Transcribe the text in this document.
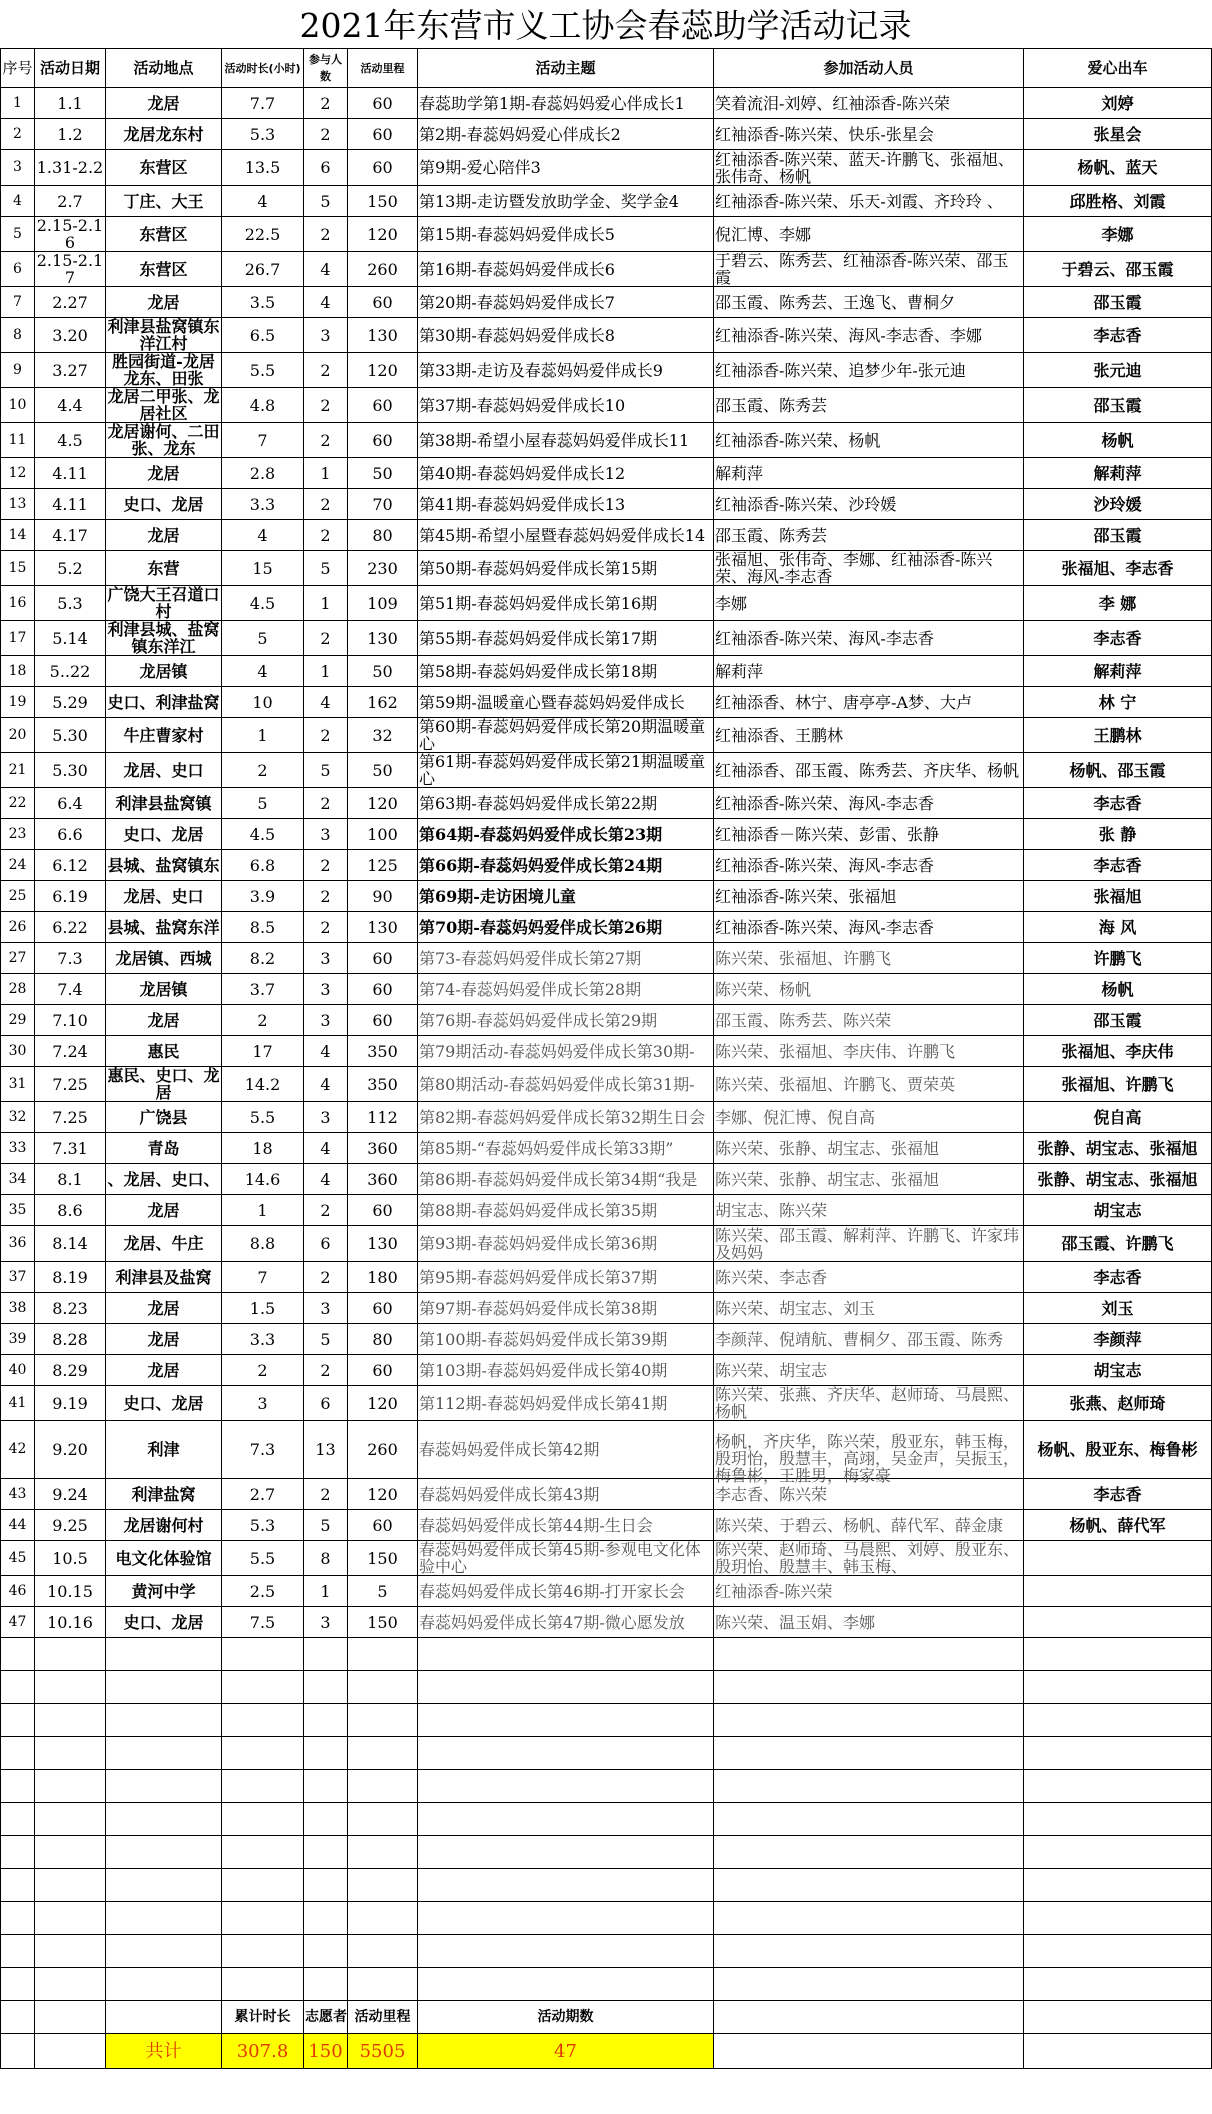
2021年东营市义工协会春蕊助学活动记录
序号	活动日期	活动地点	活动时长(小时)	参与人数	活动里程	活动主题	参加活动人员	爱心出车
1	1.1	龙居	7.7	2	60	春蕊助学第1期-春蕊妈妈爱心伴成长1	笑着流泪-刘婷、红袖添香-陈兴荣	刘婷
2	1.2	龙居龙东村	5.3	2	60	第2期-春蕊妈妈爱心伴成长2	红袖添香-陈兴荣、快乐-张星会	张星会
3	1.31-2.2	东营区	13.5	6	60	第9期-爱心陪伴3	红袖添香-陈兴荣、蓝天-许鹏飞、张福旭、张伟奇、杨帆	杨帆、蓝天
4	2.7	丁庄、大王	4	5	150	第13期-走访暨发放助学金、奖学金4	红袖添香-陈兴荣、乐天-刘霞、齐玲玲 、	邱胜格、刘霞
5	2.15-2.16	东营区	22.5	2	120	第15期-春蕊妈妈爱伴成长5	倪汇博、李娜	李娜
6	2.15-2.17	东营区	26.7	4	260	第16期-春蕊妈妈爱伴成长6	于碧云、陈秀芸、红袖添香-陈兴荣、邵玉霞	于碧云、邵玉霞
7	2.27	龙居	3.5	4	60	第20期-春蕊妈妈爱伴成长7	邵玉霞、陈秀芸、王逸飞、曹桐夕	邵玉霞
8	3.20	利津县盐窝镇东洋江村	6.5	3	130	第30期-春蕊妈妈爱伴成长8	红袖添香-陈兴荣、海风-李志香、李娜	李志香
9	3.27	胜园街道-龙居龙东、田张	5.5	2	120	第33期-走访及春蕊妈妈爱伴成长9	红袖添香-陈兴荣、追梦少年-张元迪	张元迪
10	4.4	龙居二甲张、龙居社区	4.8	2	60	第37期-春蕊妈妈爱伴成长10	邵玉霞、陈秀芸	邵玉霞
11	4.5	龙居谢何、二田张、龙东	7	2	60	第38期-希望小屋春蕊妈妈爱伴成长11	红袖添香-陈兴荣、杨帆	杨帆
12	4.11	龙居	2.8	1	50	第40期-春蕊妈妈爱伴成长12	解莉萍	解莉萍
13	4.11	史口、龙居	3.3	2	70	第41期-春蕊妈妈爱伴成长13	红袖添香-陈兴荣、沙玲媛	沙玲媛
14	4.17	龙居	4	2	80	第45期-希望小屋暨春蕊妈妈爱伴成长14	邵玉霞、陈秀芸	邵玉霞
15	5.2	东营	15	5	230	第50期-春蕊妈妈爱伴成长第15期	张福旭、张伟奇、李娜、红袖添香-陈兴荣、海风-李志香	张福旭、李志香
16	5.3	广饶大王召道口村	4.5	1	109	第51期-春蕊妈妈爱伴成长第16期	李娜	李 娜
17	5.14	利津县城、盐窝镇东洋江	5	2	130	第55期-春蕊妈妈爱伴成长第17期	红袖添香-陈兴荣、海风-李志香	李志香
18	5..22	龙居镇	4	1	50	第58期-春蕊妈妈爱伴成长第18期	解莉萍	解莉萍
19	5.29	史口、利津盐窝	10	4	162	第59期-温暖童心暨春蕊妈妈爱伴成长	红袖添香、林宁、唐亭亭-A梦、大卢	林 宁
20	5.30	牛庄曹家村	1	2	32	第60期-春蕊妈妈爱伴成长第20期温暖童心	红袖添香、王鹏林	王鹏林
21	5.30	龙居、史口	2	5	50	第61期-春蕊妈妈爱伴成长第21期温暖童心	红袖添香、邵玉霞、陈秀芸、齐庆华、杨帆	杨帆、邵玉霞
22	6.4	利津县盐窝镇	5	2	120	第63期-春蕊妈妈爱伴成长第22期	红袖添香-陈兴荣、海风-李志香	李志香
23	6.6	史口、龙居	4.5	3	100	第64期-春蕊妈妈爱伴成长第23期	红袖添香－陈兴荣、彭雷、张静	张 静
24	6.12	县城、盐窝镇东	6.8	2	125	第66期-春蕊妈妈爱伴成长第24期	红袖添香-陈兴荣、海风-李志香	李志香
25	6.19	龙居、史口	3.9	2	90	第69期-走访困境儿童	红袖添香-陈兴荣、张福旭	张福旭
26	6.22	县城、盐窝东洋	8.5	2	130	第70期-春蕊妈妈爱伴成长第26期	红袖添香-陈兴荣、海风-李志香	海 风
27	7.3	龙居镇、西城	8.2	3	60	第73-春蕊妈妈爱伴成长第27期	陈兴荣、张福旭、许鹏飞	许鹏飞
28	7.4	龙居镇	3.7	3	60	第74-春蕊妈妈爱伴成长第28期	陈兴荣、杨帆	杨帆
29	7.10	龙居	2	3	60	第76期-春蕊妈妈爱伴成长第29期	邵玉霞、陈秀芸、陈兴荣	邵玉霞
30	7.24	惠民	17	4	350	第79期活动-春蕊妈妈爱伴成长第30期-	陈兴荣、张福旭、李庆伟、许鹏飞	张福旭、李庆伟
31	7.25	惠民、史口、龙居	14.2	4	350	第80期活动-春蕊妈妈爱伴成长第31期-	陈兴荣、张福旭、许鹏飞、贾荣英	张福旭、许鹏飞
32	7.25	广饶县	5.5	3	112	第82期-春蕊妈妈爱伴成长第32期生日会	李娜、倪汇博、倪自高	倪自高
33	7.31	青岛	18	4	360	第85期-“春蕊妈妈爱伴成长第33期”	陈兴荣、张静、胡宝志、张福旭	张静、胡宝志、张福旭
34	8.1	、龙居、史口、	14.6	4	360	第86期-春蕊妈妈爱伴成长第34期“我是	陈兴荣、张静、胡宝志、张福旭	张静、胡宝志、张福旭
35	8.6	龙居	1	2	60	第88期-春蕊妈妈爱伴成长第35期	胡宝志、陈兴荣	胡宝志
36	8.14	龙居、牛庄	8.8	6	130	第93期-春蕊妈妈爱伴成长第36期	陈兴荣、邵玉霞、解莉萍、许鹏飞、许家玮及妈妈	邵玉霞、许鹏飞
37	8.19	利津县及盐窝	7	2	180	第95期-春蕊妈妈爱伴成长第37期	陈兴荣、李志香	李志香
38	8.23	龙居	1.5	3	60	第97期-春蕊妈妈爱伴成长第38期	陈兴荣、胡宝志、刘玉	刘玉
39	8.28	龙居	3.3	5	80	第100期-春蕊妈妈爱伴成长第39期	李颜萍、倪靖航、曹桐夕、邵玉霞、陈秀	李颜萍
40	8.29	龙居	2	2	60	第103期-春蕊妈妈爱伴成长第40期	陈兴荣、胡宝志	胡宝志
41	9.19	史口、龙居	3	6	120	第112期-春蕊妈妈爱伴成长第41期	陈兴荣、张燕、齐庆华、赵师琦、马晨熙、杨帆	张燕、赵师琦
42	9.20	利津	7.3	13	260	春蕊妈妈爱伴成长第42期	杨帆，齐庆华，陈兴荣，殷亚东，韩玉梅，殷玥怡，殷慧丰，高翊，吴金声，吴振玉，梅鲁彬，王胜男，梅家豪	杨帆、殷亚东、梅鲁彬
43	9.24	利津盐窝	2.7	2	120	春蕊妈妈爱伴成长第43期	李志香、陈兴荣	李志香
44	9.25	龙居谢何村	5.3	5	60	春蕊妈妈爱伴成长第44期-生日会	陈兴荣、于碧云、杨帆、薛代军、薛金康	杨帆、薛代军
45	10.5	电文化体验馆	5.5	8	150	春蕊妈妈爱伴成长第45期-参观电文化体验中心	陈兴荣、赵师琦、马晨熙、刘婷、殷亚东、殷玥怡、殷慧丰、韩玉梅、	

46	10.15	黄河中学	2.5	1	5	春蕊妈妈爱伴成长第46期-打开家长会	红袖添香-陈兴荣	

47	10.16	史口、龙居	7.5	3	150	春蕊妈妈爱伴成长第47期-微心愿发放	陈兴荣、温玉娟、李娜	

			累计时长	志愿者	活动里程	活动期数		
		共计	307.8	150	5505	47		
